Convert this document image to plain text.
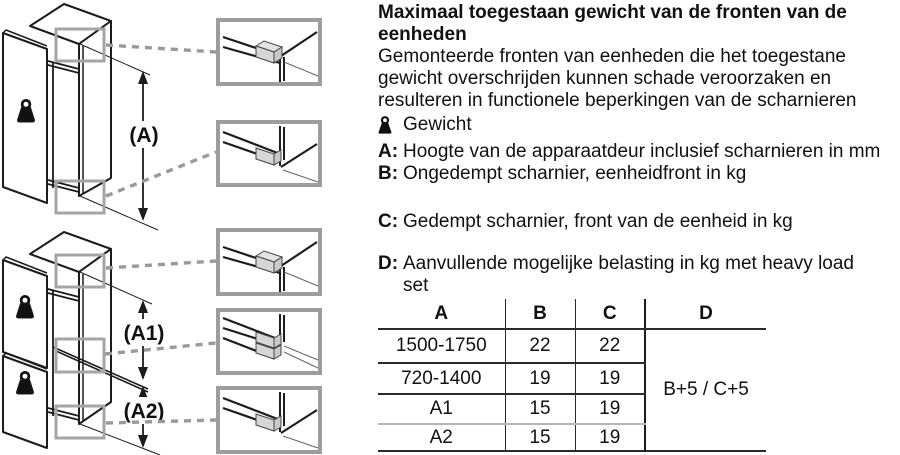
(A)
(A1)
(A2)
Maximaal toegestaan gewicht van de fronten van de eenheden

Gemonteerde fronten van eenheden die het toegestane gewicht overschrijden kunnen schade veroorzaken en resulteren in functionele beperkingen van de scharnieren

Gewicht
A: Hoogte van de apparaatdeur inclusief scharnieren in mm
B: Ongedempt scharnier, eenheidfront in kg
C: Gedempt scharnier, front van de eenheid in kg
D: Aanvullende mogelijke belasting in kg met heavy load set
A	B	C	D
1500-1750	22	22	B+5 / C+5
720-1400	19	19	
A1	15	19	
A2	15	19	
